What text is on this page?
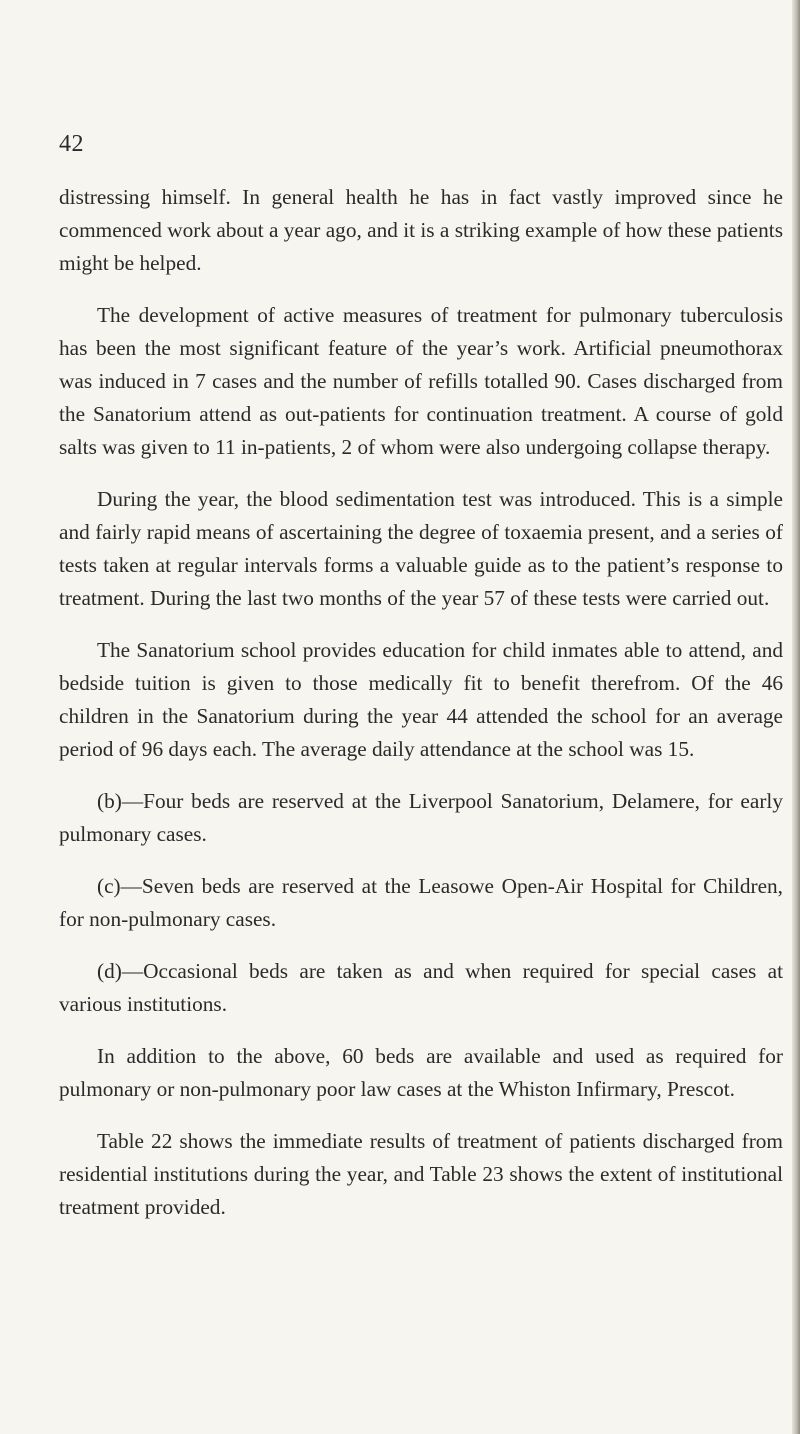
42

distressing himself. In general health he has in fact vastly improved since he commenced work about a year ago, and it is a striking example of how these patients might be helped.

The development of active measures of treatment for pulmonary tuberculosis has been the most significant feature of the year’s work. Artificial pneumothorax was induced in 7 cases and the number of refills totalled 90. Cases discharged from the Sanatorium attend as out-patients for continuation treatment. A course of gold salts was given to 11 in-patients, 2 of whom were also undergoing collapse therapy.

During the year, the blood sedimentation test was introduced. This is a simple and fairly rapid means of ascertaining the degree of toxaemia present, and a series of tests taken at regular intervals forms a valuable guide as to the patient’s response to treatment. During the last two months of the year 57 of these tests were carried out.

The Sanatorium school provides education for child inmates able to attend, and bedside tuition is given to those medically fit to benefit therefrom. Of the 46 children in the Sanatorium during the year 44 attended the school for an average period of 96 days each. The average daily attendance at the school was 15.

(b)—Four beds are reserved at the Liverpool Sanatorium, Delamere, for early pulmonary cases.

(c)—Seven beds are reserved at the Leasowe Open-Air Hospital for Children, for non-pulmonary cases.

(d)—Occasional beds are taken as and when required for special cases at various institutions.

In addition to the above, 60 beds are available and used as required for pulmonary or non-pulmonary poor law cases at the Whiston Infirmary, Prescot.

Table 22 shows the immediate results of treatment of patients discharged from residential institutions during the year, and Table 23 shows the extent of institutional treatment provided.
